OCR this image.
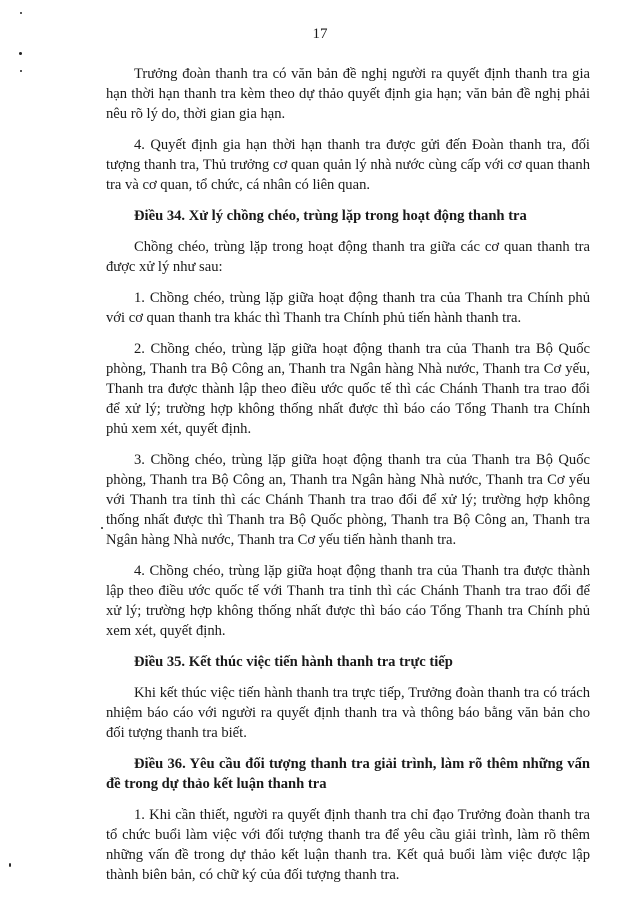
17

Trưởng đoàn thanh tra có văn bản đề nghị người ra quyết định thanh tra gia hạn thời hạn thanh tra kèm theo dự thảo quyết định gia hạn; văn bản đề nghị phải nêu rõ lý do, thời gian gia hạn.

4. Quyết định gia hạn thời hạn thanh tra được gửi đến Đoàn thanh tra, đối tượng thanh tra, Thủ trưởng cơ quan quản lý nhà nước cùng cấp với cơ quan thanh tra và cơ quan, tổ chức, cá nhân có liên quan.

Điều 34. Xử lý chồng chéo, trùng lặp trong hoạt động thanh tra

Chồng chéo, trùng lặp trong hoạt động thanh tra giữa các cơ quan thanh tra được xử lý như sau:

1. Chồng chéo, trùng lặp giữa hoạt động thanh tra của Thanh tra Chính phủ với cơ quan thanh tra khác thì Thanh tra Chính phủ tiến hành thanh tra.

2. Chồng chéo, trùng lặp giữa hoạt động thanh tra của Thanh tra Bộ Quốc phòng, Thanh tra Bộ Công an, Thanh tra Ngân hàng Nhà nước, Thanh tra Cơ yếu, Thanh tra được thành lập theo điều ước quốc tế thì các Chánh Thanh tra trao đổi để xử lý; trường hợp không thống nhất được thì báo cáo Tổng Thanh tra Chính phủ xem xét, quyết định.

3. Chồng chéo, trùng lặp giữa hoạt động thanh tra của Thanh tra Bộ Quốc phòng, Thanh tra Bộ Công an, Thanh tra Ngân hàng Nhà nước, Thanh tra Cơ yếu với Thanh tra tỉnh thì các Chánh Thanh tra trao đổi để xử lý; trường hợp không thống nhất được thì Thanh tra Bộ Quốc phòng, Thanh tra Bộ Công an, Thanh tra Ngân hàng Nhà nước, Thanh tra Cơ yếu tiến hành thanh tra.

4. Chồng chéo, trùng lặp giữa hoạt động thanh tra của Thanh tra được thành lập theo điều ước quốc tế với Thanh tra tỉnh thì các Chánh Thanh tra trao đổi để xử lý; trường hợp không thống nhất được thì báo cáo Tổng Thanh tra Chính phủ xem xét, quyết định.

Điều 35. Kết thúc việc tiến hành thanh tra trực tiếp

Khi kết thúc việc tiến hành thanh tra trực tiếp, Trưởng đoàn thanh tra có trách nhiệm báo cáo với người ra quyết định thanh tra và thông báo bằng văn bản cho đối tượng thanh tra biết.

Điều 36. Yêu cầu đối tượng thanh tra giải trình, làm rõ thêm những vấn đề trong dự thảo kết luận thanh tra

1. Khi cần thiết, người ra quyết định thanh tra chỉ đạo Trưởng đoàn thanh tra tổ chức buổi làm việc với đối tượng thanh tra để yêu cầu giải trình, làm rõ thêm những vấn đề trong dự thảo kết luận thanh tra. Kết quả buổi làm việc được lập thành biên bản, có chữ ký của đối tượng thanh tra.
